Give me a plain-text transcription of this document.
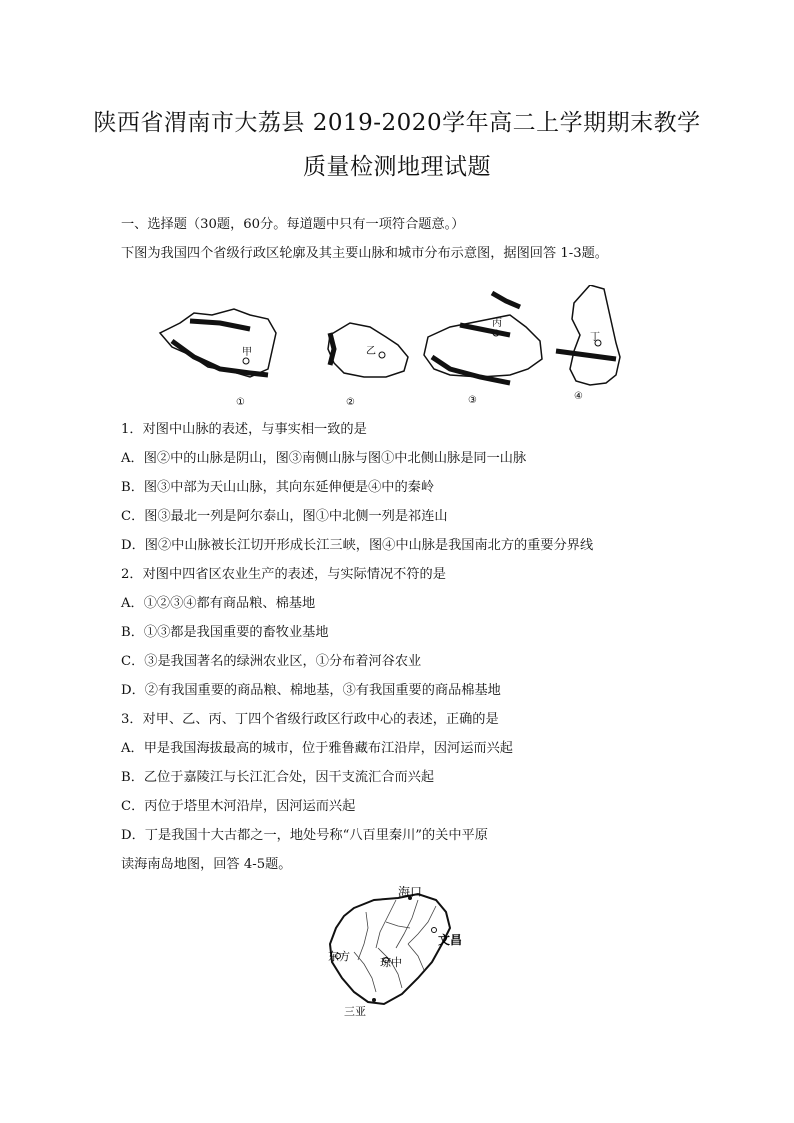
陕西省渭南市大荔县 2019-2020学年高二上学期期末教学
质量检测地理试题
一、选择题（30题，60分。每道题中只有一项符合题意。）
下图为我国四个省级行政区轮廓及其主要山脉和城市分布示意图，据图回答 1-3题。
甲	乙
丙
丁
①	②	③	④
1．对图中山脉的表述，与事实相一致的是
A．图②中的山脉是阴山，图③南侧山脉与图①中北侧山脉是同一山脉
B．图③中部为天山山脉，其向东延伸便是④中的秦岭
C．图③最北一列是阿尔泰山，图①中北侧一列是祁连山
D．图②中山脉被长江切开形成长江三峡，图④中山脉是我国南北方的重要分界线
2．对图中四省区农业生产的表述，与实际情况不符的是
A．①②③④都有商品粮、棉基地
B．①③都是我国重要的畜牧业基地
C．③是我国著名的绿洲农业区，①分布着河谷农业
D．②有我国重要的商品粮、棉地基，③有我国重要的商品棉基地
3．对甲、乙、丙、丁四个省级行政区行政中心的表述，正确的是
A．甲是我国海拔最高的城市，位于雅鲁藏布江沿岸，因河运而兴起
B．乙位于嘉陵江与长江汇合处，因干支流汇合而兴起
C．丙位于塔里木河沿岸，因河运而兴起
D．丁是我国十大古都之一，地处号称“八百里秦川”的关中平原
读海南岛地图，回答 4-5题。
海口
文昌
东方	琼中
三亚
